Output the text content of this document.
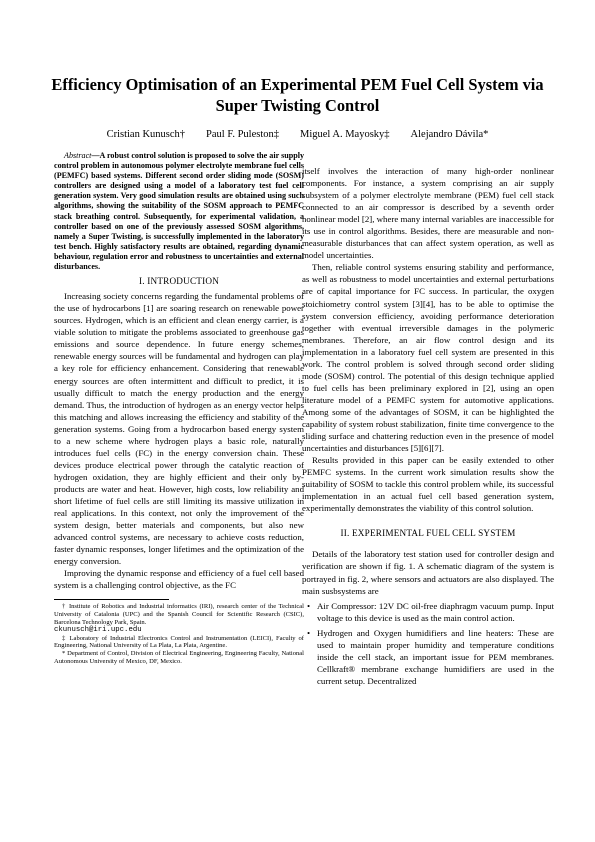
Efficiency Optimisation of an Experimental PEM Fuel Cell System via Super Twisting Control
Cristian Kunusch† Paul F. Puleston‡ Miguel A. Mayosky‡ Alejandro Dávila*

Abstract—A robust control solution is proposed to solve the air supply control problem in autonomous polymer electrolyte membrane fuel cells (PEMFC) based systems. Different second order sliding mode (SOSM) controllers are designed using a model of a laboratory test fuel cell generation system. Very good simulation results are obtained using such algorithms, showing the suitability of the SOSM approach to PEMFC stack breathing control. Subsequently, for experimental validation, a controller based on one of the previously assessed SOSM algorithms, namely a Super Twisting, is successfully implemented in the laboratory test bench. Highly satisfactory results are obtained, regarding dynamic behaviour, regulation error and robustness to uncertainties and external disturbances.

I. INTRODUCTION

Increasing society concerns regarding the fundamental problems of the use of hydrocarbons [1] are soaring research on renewable power sources. Hydrogen, which is an efficient and clean energy carrier, is a viable solution to mitigate the problems associated to greenhouse gas emissions and source dependence. In future energy schemes, renewable energy sources will be fundamental and hydrogen can play a key role for efficiency enhancement. Considering that renewable energy sources are often intermittent and difficult to predict, it is usually difficult to match the energy production and the energy demand. Thus, the introduction of hydrogen as an energy vector helps this matching and allows increasing the efficiency and stability of the generation systems. Going from a hydrocarbon based energy system to a new scheme where hydrogen plays a basic role, naturally introduces fuel cells (FC) in the energy conversion chain. These devices produce electrical power through the catalytic reaction of hydrogen oxidation, they are highly efficient and their only by-products are water and heat. However, high costs, low reliability and short lifetime of fuel cells are still limiting its massive utilization in real applications. In this context, not only the improvement of the system design, better materials and components, but also new advanced control systems, are necessary to achieve costs reduction, faster dynamic responses, longer lifetimes and the optimization of the energy conversion.

Improving the dynamic response and efficiency of a fuel cell based system is a challenging control objective, as the FC

† Institute of Robotics and Industrial informatics (IRI), research center of the Technical University of Catalonia (UPC) and the Spanish Council for Scientific Research (CSIC), Barcelona Technology Park, Spain.
ckunusch@iri.upc.edu

‡ Laboratory of Industrial Electronics Control and Instrumentation (LEICI), Faculty of Engineering, National University of La Plata, La Plata, Argentine.

* Department of Control, Division of Electrical Engineering, Engineering Faculty, National Autonomous University of Mexico, DF, Mexico.

itself involves the interaction of many high-order nonlinear components. For instance, a system comprising an air supply subsystem of a polymer electrolyte membrane (PEM) fuel cell stack connected to an air compressor is described by a seventh order nonlinear model [2], where many internal variables are inaccessible for its use in control algorithms. Besides, there are measurable and non-measurable disturbances that can affect system operation, as well as model uncertainties.

Then, reliable control systems ensuring stability and performance, as well as robustness to model uncertainties and external perturbations are of capital importance for FC success. In particular, the oxygen stoichiometry control system [3][4], has to be able to optimise the system conversion efficiency, avoiding performance deterioration together with eventual irreversible damages in the polymeric membranes. Therefore, an air flow control design and its implementation in a laboratory fuel cell system are presented in this work. The control problem is solved through second order sliding mode (SOSM) control. The potential of this design technique applied to fuel cells has been preliminary explored in [2], using an open literature model of a PEMFC system for automotive applications. Among some of the advantages of SOSM, it can be highlighted the capability of system robust stabilization, finite time convergence to the sliding surface and chattering reduction even in the presence of model uncertainties and disturbances [5][6][7].

Results provided in this paper can be easily extended to other PEMFC systems. In the current work simulation results show the suitability of SOSM to tackle this control problem while, its successful implementation in an actual fuel cell based generation system, experimentally demonstrates the viability of this control solution.

II. EXPERIMENTAL FUEL CELL SYSTEM

Details of the laboratory test station used for controller design and verification are shown if fig. 1. A schematic diagram of the system is portrayed in fig. 2, where sensors and actuators are also displayed. The main susbsystems are

• Air Compressor: 12V DC oil-free diaphragm vacuum pump. Input voltage to this device is used as the main control action.
• Hydrogen and Oxygen humidifiers and line heaters: These are used to maintain proper humidity and temperature conditions inside the cell stack, an important issue for PEM membranes. Cellkraft® membrane exchange humidifiers are used in the current setup. Decentralized
